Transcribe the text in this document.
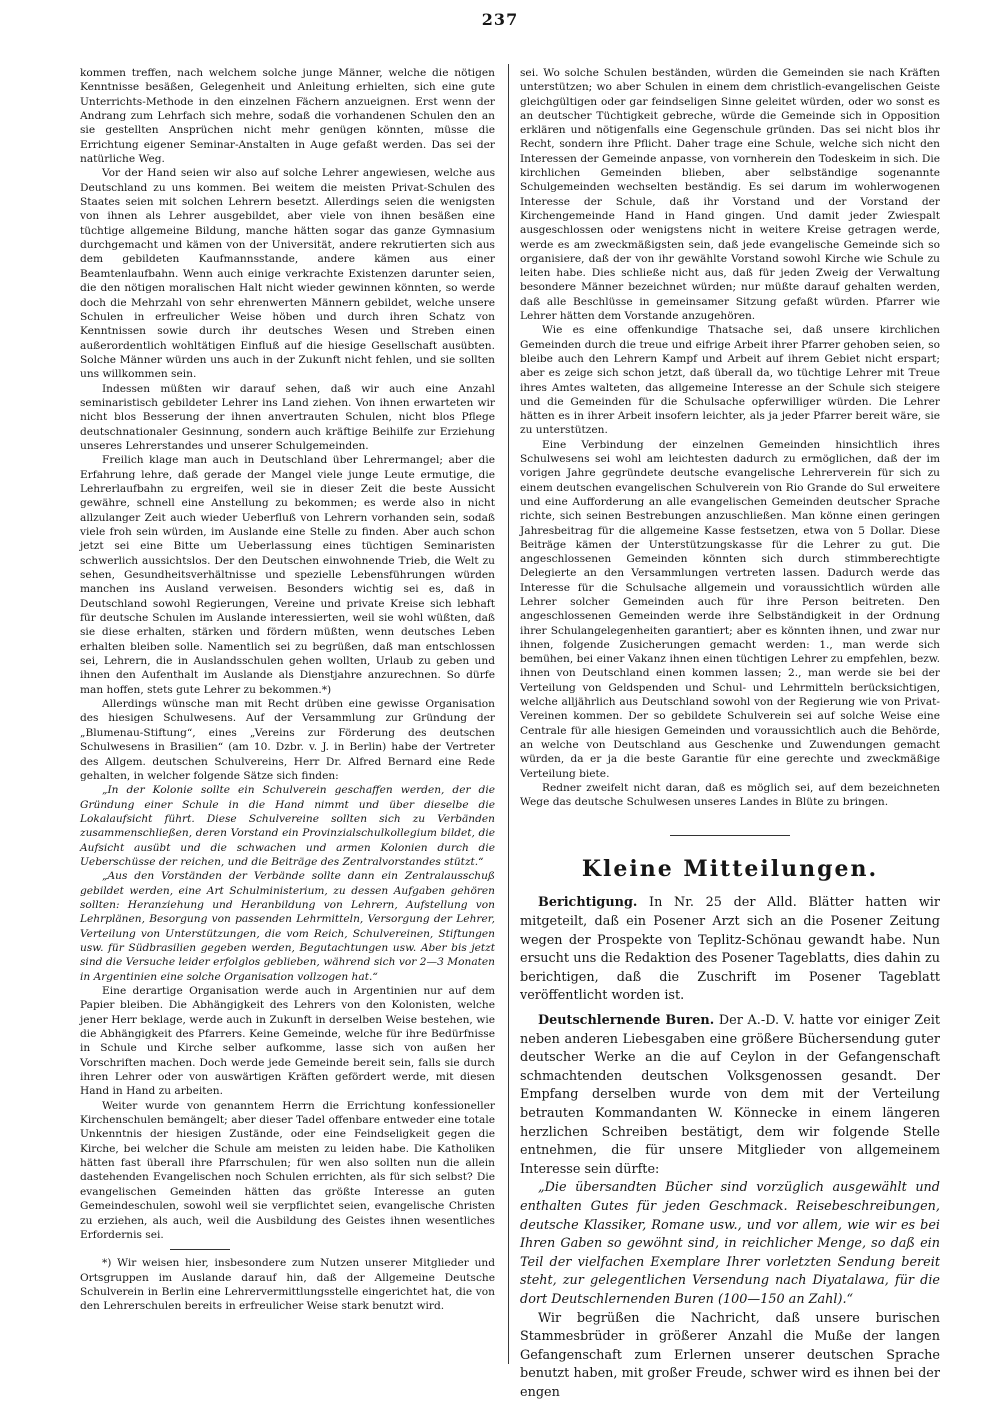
237

kommen treffen, nach welchem solche junge Männer, welche die nötigen Kenntnisse besäßen, Gelegenheit und Anleitung erhielten, sich eine gute Unterrichts-Methode in den einzelnen Fächern anzueignen. Erst wenn der Andrang zum Lehrfach sich mehre, sodaß die vorhandenen Schulen den an sie gestellten Ansprüchen nicht mehr genügen könnten, müsse die Errichtung eigener Seminar-Anstalten in Auge gefaßt werden. Das sei der natürliche Weg.

Vor der Hand seien wir also auf solche Lehrer angewiesen, welche aus Deutschland zu uns kommen. Bei weitem die meisten Privat-Schulen des Staates seien mit solchen Lehrern besetzt. Allerdings seien die wenigsten von ihnen als Lehrer ausgebildet, aber viele von ihnen besäßen eine tüchtige allgemeine Bildung, manche hätten sogar das ganze Gymnasium durchgemacht und kämen von der Universität, andere rekrutierten sich aus dem gebildeten Kaufmannsstande, andere kämen aus einer Beamtenlaufbahn. Wenn auch einige verkrachte Existenzen darunter seien, die den nötigen moralischen Halt nicht wieder gewinnen könnten, so werde doch die Mehrzahl von sehr ehrenwerten Männern gebildet, welche unsere Schulen in erfreulicher Weise höben und durch ihren Schatz von Kenntnissen sowie durch ihr deutsches Wesen und Streben einen außerordentlich wohltätigen Einfluß auf die hiesige Gesellschaft ausübten. Solche Männer würden uns auch in der Zukunft nicht fehlen, und sie sollten uns willkommen sein.

Indessen müßten wir darauf sehen, daß wir auch eine Anzahl seminaristisch gebildeter Lehrer ins Land ziehen. Von ihnen erwarteten wir nicht blos Besserung der ihnen anvertrauten Schulen, nicht blos Pflege deutschnationaler Gesinnung, sondern auch kräftige Beihilfe zur Erziehung unseres Lehrerstandes und unserer Schulgemeinden.

Freilich klage man auch in Deutschland über Lehrermangel; aber die Erfahrung lehre, daß gerade der Mangel viele junge Leute ermutige, die Lehrerlaufbahn zu ergreifen, weil sie in dieser Zeit die beste Aussicht gewähre, schnell eine Anstellung zu bekommen; es werde also in nicht allzulanger Zeit auch wieder Ueberfluß von Lehrern vorhanden sein, sodaß viele froh sein würden, im Auslande eine Stelle zu finden. Aber auch schon jetzt sei eine Bitte um Ueberlassung eines tüchtigen Seminaristen schwerlich aussichtslos. Der den Deutschen einwohnende Trieb, die Welt zu sehen, Gesundheitsverhältnisse und spezielle Lebensführungen würden manchen ins Ausland verweisen. Besonders wichtig sei es, daß in Deutschland sowohl Regierungen, Vereine und private Kreise sich lebhaft für deutsche Schulen im Auslande interessierten, weil sie wohl wüßten, daß sie diese erhalten, stärken und fördern müßten, wenn deutsches Leben erhalten bleiben solle. Namentlich sei zu begrüßen, daß man entschlossen sei, Lehrern, die in Auslandsschulen gehen wollten, Urlaub zu geben und ihnen den Aufenthalt im Auslande als Dienstjahre anzurechnen. So dürfe man hoffen, stets gute Lehrer zu bekommen.*)

Allerdings wünsche man mit Recht drüben eine gewisse Organisation des hiesigen Schulwesens. Auf der Versammlung zur Gründung der „Blumenau-Stiftung“, eines „Vereins zur Förderung des deutschen Schulwesens in Brasilien“ (am 10. Dzbr. v. J. in Berlin) habe der Vertreter des Allgem. deutschen Schulvereins, Herr Dr. Alfred Bernard eine Rede gehalten, in welcher folgende Sätze sich finden:

„In der Kolonie sollte ein Schulverein geschaffen werden, der die Gründung einer Schule in die Hand nimmt und über dieselbe die Lokalaufsicht führt. Diese Schulvereine sollten sich zu Verbänden zusammenschließen, deren Vorstand ein Provinzialschulkollegium bildet, die Aufsicht ausübt und die schwachen und armen Kolonien durch die Ueberschüsse der reichen, und die Beiträge des Zentralvorstandes stützt.“

„Aus den Vorständen der Verbände sollte dann ein Zentralausschuß gebildet werden, eine Art Schulministerium, zu dessen Aufgaben gehören sollten: Heranziehung und Heranbildung von Lehrern, Aufstellung von Lehrplänen, Besorgung von passenden Lehrmitteln, Versorgung der Lehrer, Verteilung von Unterstützungen, die vom Reich, Schulvereinen, Stiftungen usw. für Südbrasilien gegeben werden, Begutachtungen usw. Aber bis jetzt sind die Versuche leider erfolglos geblieben, während sich vor 2—3 Monaten in Argentinien eine solche Organisation vollzogen hat.“

Eine derartige Organisation werde auch in Argentinien nur auf dem Papier bleiben. Die Abhängigkeit des Lehrers von den Kolonisten, welche jener Herr beklage, werde auch in Zukunft in derselben Weise bestehen, wie die Abhängigkeit des Pfarrers. Keine Gemeinde, welche für ihre Bedürfnisse in Schule und Kirche selber aufkomme, lasse sich von außen her Vorschriften machen. Doch werde jede Gemeinde bereit sein, falls sie durch ihren Lehrer oder von auswärtigen Kräften gefördert werde, mit diesen Hand in Hand zu arbeiten.

Weiter wurde von genanntem Herrn die Errichtung konfessioneller Kirchenschulen bemängelt; aber dieser Tadel offenbare entweder eine totale Unkenntnis der hiesigen Zustände, oder eine Feindseligkeit gegen die Kirche, bei welcher die Schule am meisten zu leiden habe. Die Katholiken hätten fast überall ihre Pfarrschulen; für wen also sollten nun die allein dastehenden Evangelischen noch Schulen errichten, als für sich selbst? Die evangelischen Gemeinden hätten das größte Interesse an guten Gemeindeschulen, sowohl weil sie verpflichtet seien, evangelische Christen zu erziehen, als auch, weil die Ausbildung des Geistes ihnen wesentliches Erfordernis sei.

*) Wir weisen hier, insbesondere zum Nutzen unserer Mitglieder und Ortsgruppen im Auslande darauf hin, daß der Allgemeine Deutsche Schulverein in Berlin eine Lehrervermittlungsstelle eingerichtet hat, die von den Lehrerschulen bereits in erfreulicher Weise stark benutzt wird.

sei. Wo solche Schulen beständen, würden die Gemeinden sie nach Kräften unterstützen; wo aber Schulen in einem dem christlich-evangelischen Geiste gleichgültigen oder gar feindseligen Sinne geleitet würden, oder wo sonst es an deutscher Tüchtigkeit gebreche, würde die Gemeinde sich in Opposition erklären und nötigenfalls eine Gegenschule gründen. Das sei nicht blos ihr Recht, sondern ihre Pflicht. Daher trage eine Schule, welche sich nicht den Interessen der Gemeinde anpasse, von vornherein den Todeskeim in sich. Die kirchlichen Gemeinden blieben, aber selbständige sogenannte Schulgemeinden wechselten beständig. Es sei darum im wohlerwogenen Interesse der Schule, daß ihr Vorstand und der Vorstand der Kirchengemeinde Hand in Hand gingen. Und damit jeder Zwiespalt ausgeschlossen oder wenigstens nicht in weitere Kreise getragen werde, werde es am zweckmäßigsten sein, daß jede evangelische Gemeinde sich so organisiere, daß der von ihr gewählte Vorstand sowohl Kirche wie Schule zu leiten habe. Dies schließe nicht aus, daß für jeden Zweig der Verwaltung besondere Männer bezeichnet würden; nur müßte darauf gehalten werden, daß alle Beschlüsse in gemeinsamer Sitzung gefaßt würden. Pfarrer wie Lehrer hätten dem Vorstande anzugehören.

Wie es eine offenkundige Thatsache sei, daß unsere kirchlichen Gemeinden durch die treue und eifrige Arbeit ihrer Pfarrer gehoben seien, so bleibe auch den Lehrern Kampf und Arbeit auf ihrem Gebiet nicht erspart; aber es zeige sich schon jetzt, daß überall da, wo tüchtige Lehrer mit Treue ihres Amtes walteten, das allgemeine Interesse an der Schule sich steigere und die Gemeinden für die Schulsache opferwilliger würden. Die Lehrer hätten es in ihrer Arbeit insofern leichter, als ja jeder Pfarrer bereit wäre, sie zu unterstützen.

Eine Verbindung der einzelnen Gemeinden hinsichtlich ihres Schulwesens sei wohl am leichtesten dadurch zu ermöglichen, daß der im vorigen Jahre gegründete deutsche evangelische Lehrerverein für sich zu einem deutschen evangelischen Schulverein von Rio Grande do Sul erweitere und eine Aufforderung an alle evangelischen Gemeinden deutscher Sprache richte, sich seinen Bestrebungen anzuschließen. Man könne einen geringen Jahresbeitrag für die allgemeine Kasse festsetzen, etwa von 5 Dollar. Diese Beiträge kämen der Unterstützungskasse für die Lehrer zu gut. Die angeschlossenen Gemeinden könnten sich durch stimmberechtigte Delegierte an den Versammlungen vertreten lassen. Dadurch werde das Interesse für die Schulsache allgemein und voraussichtlich würden alle Lehrer solcher Gemeinden auch für ihre Person beitreten. Den angeschlossenen Gemeinden werde ihre Selbständigkeit in der Ordnung ihrer Schulangelegenheiten garantiert; aber es könnten ihnen, und zwar nur ihnen, folgende Zusicherungen gemacht werden: 1., man werde sich bemühen, bei einer Vakanz ihnen einen tüchtigen Lehrer zu empfehlen, bezw. ihnen von Deutschland einen kommen lassen; 2., man werde sie bei der Verteilung von Geldspenden und Schul- und Lehrmitteln berücksichtigen, welche alljährlich aus Deutschland sowohl von der Regierung wie von Privat-Vereinen kommen. Der so gebildete Schulverein sei auf solche Weise eine Centrale für alle hiesigen Gemeinden und voraussichtlich auch die Behörde, an welche von Deutschland aus Geschenke und Zuwendungen gemacht würden, da er ja die beste Garantie für eine gerechte und zweckmäßige Verteilung biete.

Redner zweifelt nicht daran, daß es möglich sei, auf dem bezeichneten Wege das deutsche Schulwesen unseres Landes in Blüte zu bringen.

Kleine Mitteilungen.

Berichtigung. In Nr. 25 der Alld. Blätter hatten wir mitgeteilt, daß ein Posener Arzt sich an die Posener Zeitung wegen der Prospekte von Teplitz-Schönau gewandt habe. Nun ersucht uns die Redaktion des Posener Tageblatts, dies dahin zu berichtigen, daß die Zuschrift im Posener Tageblatt veröffentlicht worden ist.

Deutschlernende Buren. Der A.-D. V. hatte vor einiger Zeit neben anderen Liebesgaben eine größere Büchersendung guter deutscher Werke an die auf Ceylon in der Gefangenschaft schmachtenden deutschen Volksgenossen gesandt. Der Empfang derselben wurde von dem mit der Verteilung betrauten Kommandanten W. Könnecke in einem längeren herzlichen Schreiben bestätigt, dem wir folgende Stelle entnehmen, die für unsere Mitglieder von allgemeinem Interesse sein dürfte:

„Die übersandten Bücher sind vorzüglich ausgewählt und enthalten Gutes für jeden Geschmack. Reisebeschreibungen, deutsche Klassiker, Romane usw., und vor allem, wie wir es bei Ihren Gaben so gewöhnt sind, in reichlicher Menge, so daß ein Teil der vielfachen Exemplare Ihrer vorletzten Sendung bereit steht, zur gelegentlichen Versendung nach Diyatalawa, für die dort Deutschlernenden Buren (100—150 an Zahl).“

Wir begrüßen die Nachricht, daß unsere burischen Stammesbrüder in größerer Anzahl die Muße der langen Gefangenschaft zum Erlernen unserer deutschen Sprache benutzt haben, mit großer Freude, schwer wird es ihnen bei der engen
